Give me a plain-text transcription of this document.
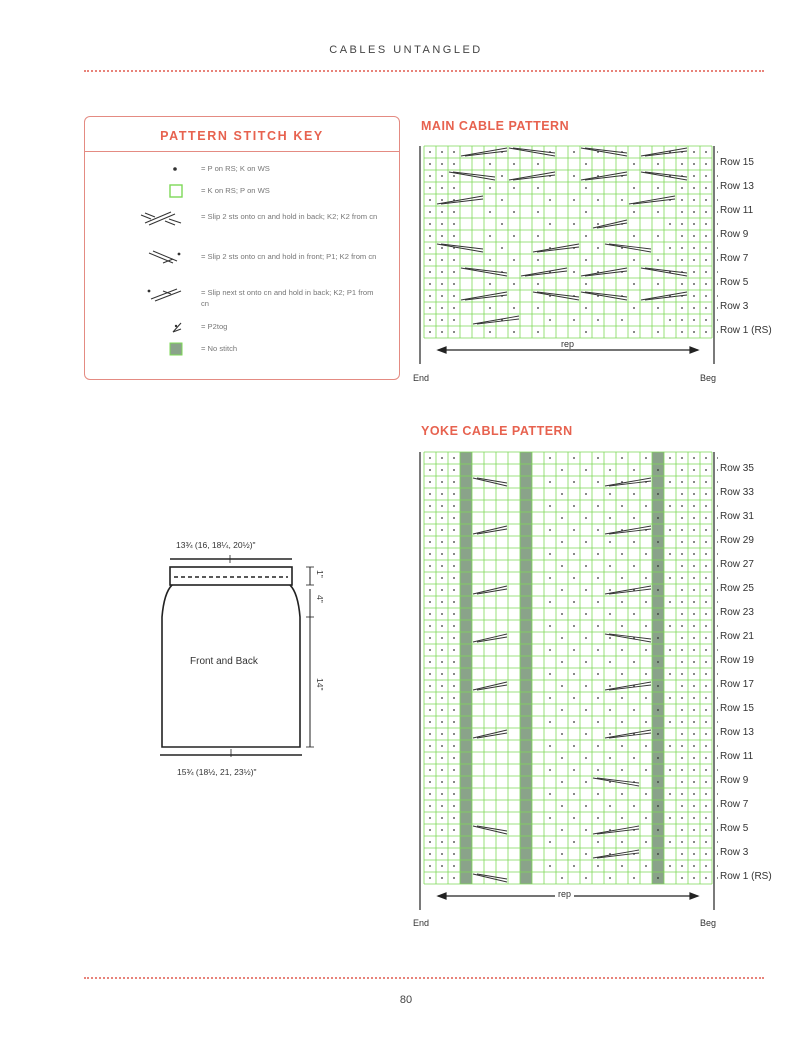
CABLES UNTANGLED
PATTERN STITCH KEY
= P on RS; K on WS
= K on RS; P on WS
= Slip 2 sts onto cn and hold in back; K2; K2 from cn
= Slip 2 sts onto cn and hold in front; P1; K2 from cn
= Slip next st onto cn and hold in back; K2; P1 from cn
= P2tog
= No stitch
MAIN CABLE PATTERN
End	Beg
rep
Row 15
Row 13
Row 11
Row 9
Row 7
Row 5
Row 3
Row 1 (RS)
YOKE CABLE PATTERN
End	Beg
rep
Row 35
Row 33
Row 31
Row 29
Row 27
Row 25
Row 23
Row 21
Row 19
Row 17
Row 15
Row 13
Row 11
Row 9
Row 7
Row 5
Row 3
Row 1 (RS)
13¾ (16, 18¼, 20½)"
Front and Back
15¾ (18½, 21, 23½)"
1"
4"
14"
80
